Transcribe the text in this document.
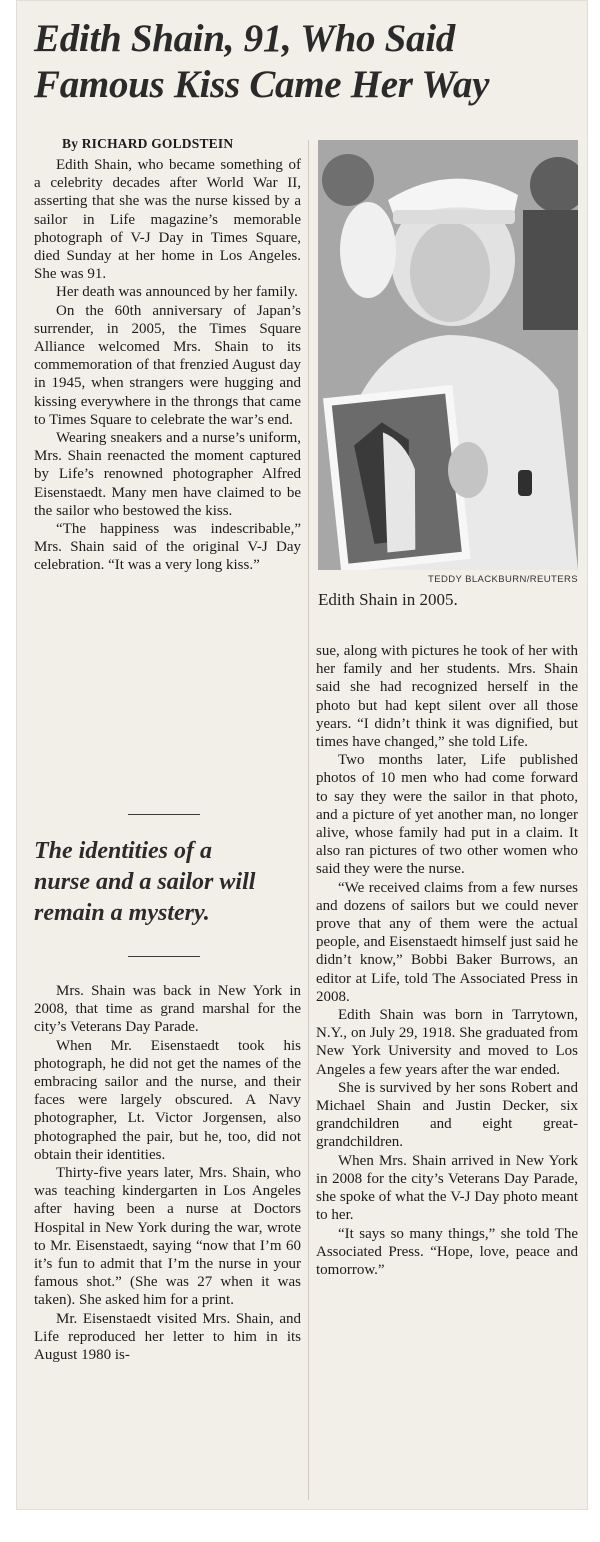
Edith Shain, 91, Who Said
Famous Kiss Came Her Way
By RICHARD GOLDSTEIN

Edith Shain, who became something of a celebrity decades after World War II, asserting that she was the nurse kissed by a sailor in Life magazine’s memorable photograph of V-J Day in Times Square, died Sunday at her home in Los Angeles. She was 91.

Her death was announced by her family.

On the 60th anniversary of Japan’s surrender, in 2005, the Times Square Alliance welcomed Mrs. Shain to its commemoration of that frenzied August day in 1945, when strangers were hugging and kissing everywhere in the throngs that came to Times Square to celebrate the war’s end.

Wearing sneakers and a nurse’s uniform, Mrs. Shain reenacted the moment captured by Life’s renowned photographer Alfred Eisenstaedt. Many men have claimed to be the sailor who bestowed the kiss.

“The happiness was indescribable,” Mrs. Shain said of the original V-J Day celebration. “It was a very long kiss.”

The identities of a
nurse and a sailor will
remain a mystery.

Mrs. Shain was back in New York in 2008, that time as grand marshal for the city’s Veterans Day Parade.

When Mr. Eisenstaedt took his photograph, he did not get the names of the embracing sailor and the nurse, and their faces were largely obscured. A Navy photographer, Lt. Victor Jorgensen, also photographed the pair, but he, too, did not obtain their identities.

Thirty-five years later, Mrs. Shain, who was teaching kindergarten in Los Angeles after having been a nurse at Doctors Hospital in New York during the war, wrote to Mr. Eisenstaedt, saying “now that I’m 60 it’s fun to admit that I’m the nurse in your famous shot.” (She was 27 when it was taken). She asked him for a print.

Mr. Eisenstaedt visited Mrs. Shain, and Life reproduced her letter to him in its August 1980 is-

TEDDY BLACKBURN/REUTERS
Edith Shain in 2005.

sue, along with pictures he took of her with her family and her students. Mrs. Shain said she had recognized herself in the photo but had kept silent over all those years. “I didn’t think it was dignified, but times have changed,” she told Life.

Two months later, Life published photos of 10 men who had come forward to say they were the sailor in that photo, and a picture of yet another man, no longer alive, whose family had put in a claim. It also ran pictures of two other women who said they were the nurse.

“We received claims from a few nurses and dozens of sailors but we could never prove that any of them were the actual people, and Eisenstaedt himself just said he didn’t know,” Bobbi Baker Burrows, an editor at Life, told The Associated Press in 2008.

Edith Shain was born in Tarrytown, N.Y., on July 29, 1918. She graduated from New York University and moved to Los Angeles a few years after the war ended.

She is survived by her sons Robert and Michael Shain and Justin Decker, six grandchildren and eight great-grandchildren.

When Mrs. Shain arrived in New York in 2008 for the city’s Veterans Day Parade, she spoke of what the V-J Day photo meant to her.

“It says so many things,” she told The Associated Press. “Hope, love, peace and tomorrow.”
